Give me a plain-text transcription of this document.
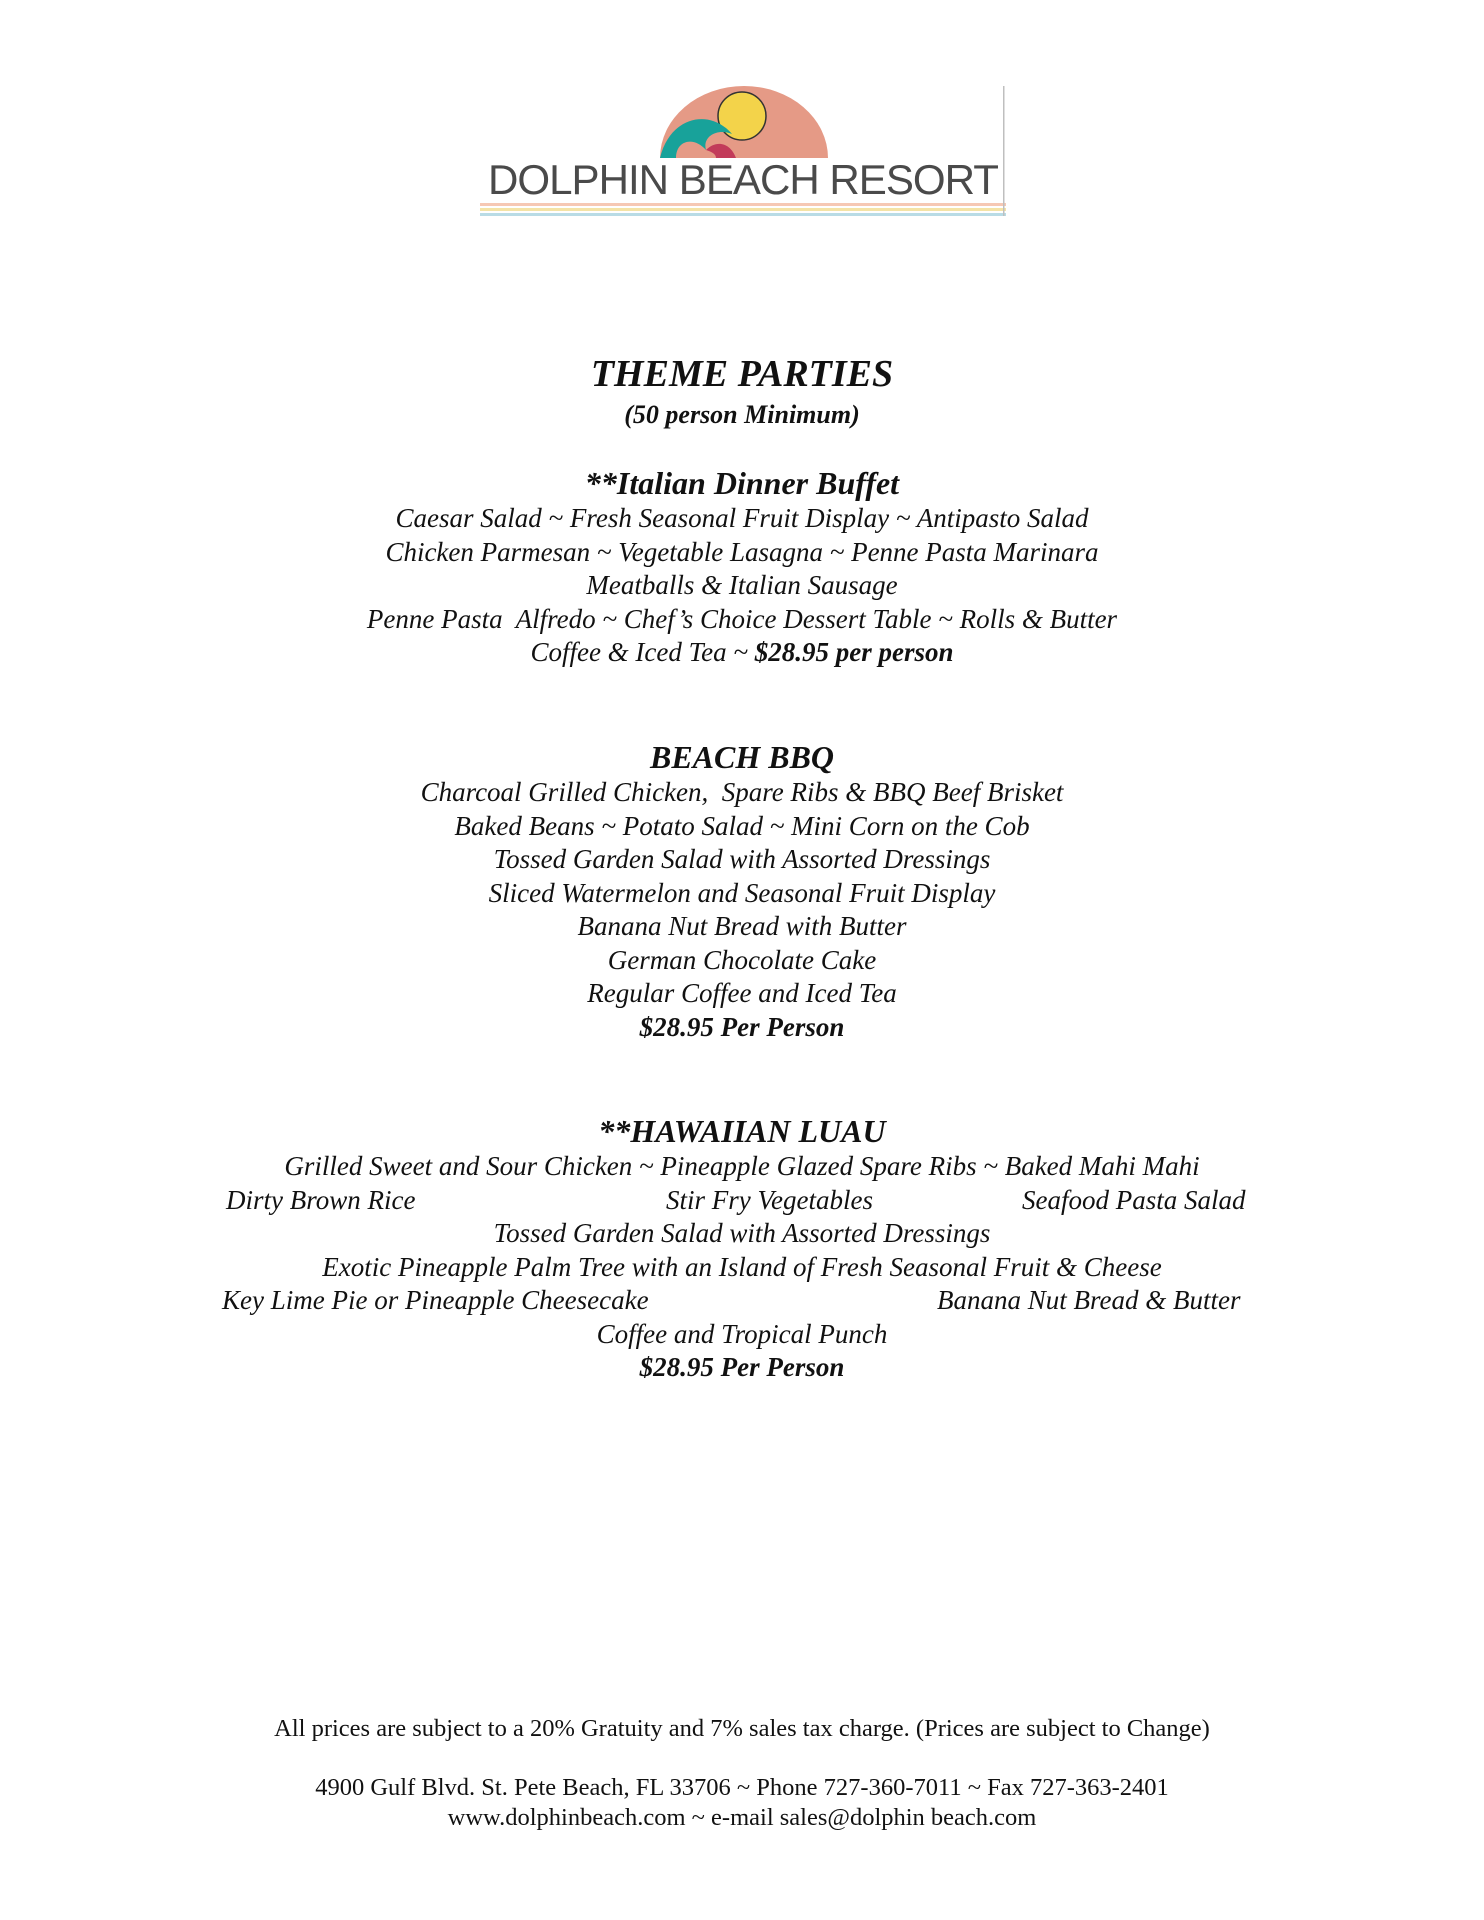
DOLPHIN BEACH RESORT
THEME PARTIES
(50 person Minimum)
**Italian Dinner Buffet
Caesar Salad ~ Fresh Seasonal Fruit Display ~ Antipasto Salad
Chicken Parmesan ~ Vegetable Lasagna ~ Penne Pasta Marinara
Meatballs & Italian Sausage
Penne Pasta  Alfredo ~ Chef’s Choice Dessert Table ~ Rolls & Butter
Coffee & Iced Tea ~ $28.95 per person
BEACH BBQ
Charcoal Grilled Chicken,  Spare Ribs & BBQ Beef Brisket
Baked Beans ~ Potato Salad ~ Mini Corn on the Cob
Tossed Garden Salad with Assorted Dressings
Sliced Watermelon and Seasonal Fruit Display
Banana Nut Bread with Butter
German Chocolate Cake
Regular Coffee and Iced Tea
$28.95 Per Person
**HAWAIIAN LUAU
Grilled Sweet and Sour Chicken ~ Pineapple Glazed Spare Ribs ~ Baked Mahi Mahi
Dirty Brown Rice	Stir Fry Vegetables	Seafood Pasta Salad
Tossed Garden Salad with Assorted Dressings
Exotic Pineapple Palm Tree with an Island of Fresh Seasonal Fruit & Cheese
Key Lime Pie or Pineapple Cheesecake	Banana Nut Bread & Butter
Coffee and Tropical Punch
$28.95 Per Person
All prices are subject to a 20% Gratuity and 7% sales tax charge. (Prices are subject to Change)
4900 Gulf Blvd. St. Pete Beach, FL 33706 ~ Phone 727-360-7011 ~ Fax 727-363-2401
www.dolphinbeach.com ~ e-mail sales@dolphin beach.com
